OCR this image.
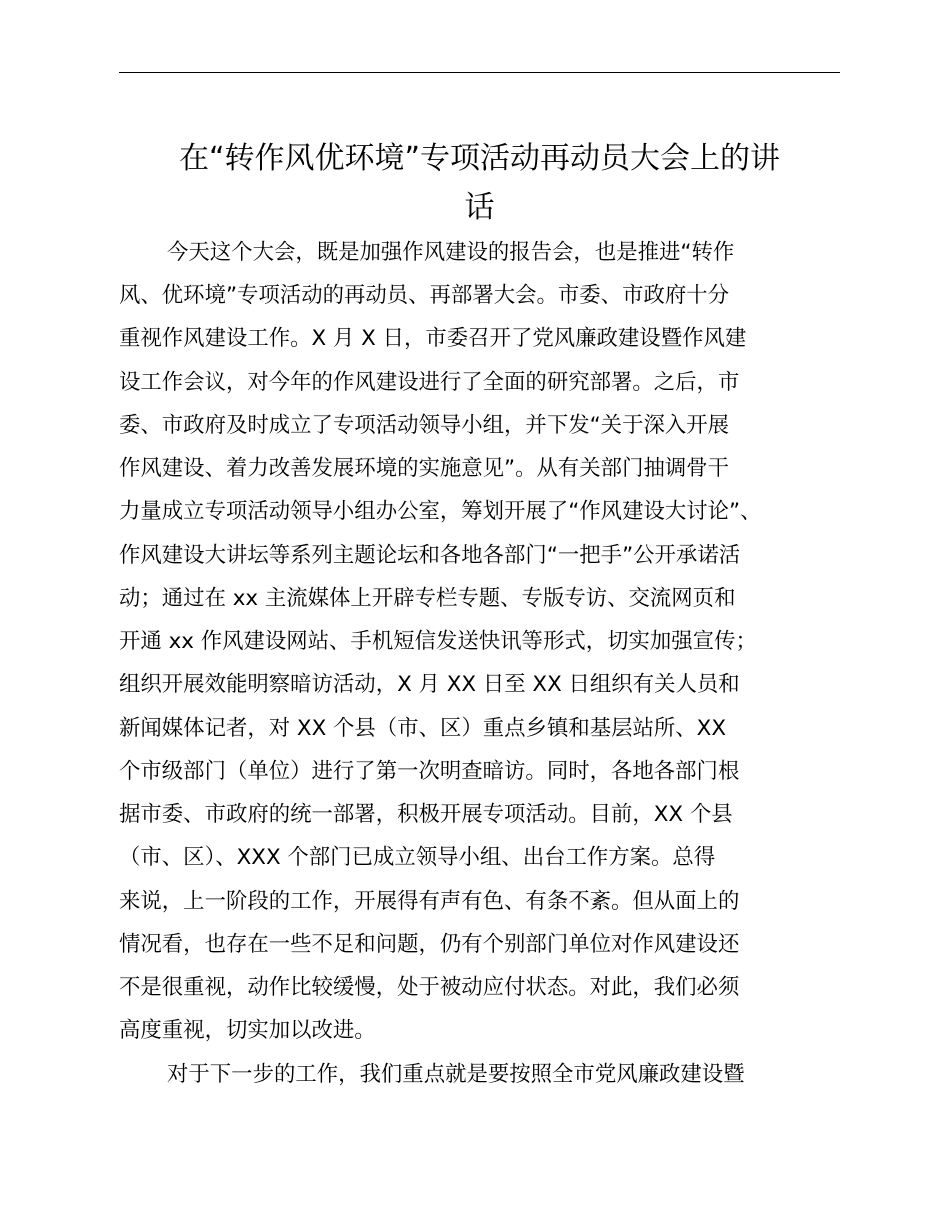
在“转作风优环境”专项活动再动员大会上的讲
话
今天这个大会，既是加强作风建设的报告会，也是推进“转作
风、优环境”专项活动的再动员、再部署大会。市委、市政府十分
重视作风建设工作。X 月 X 日，市委召开了党风廉政建设暨作风建
设工作会议，对今年的作风建设进行了全面的研究部署。之后，市
委、市政府及时成立了专项活动领导小组，并下发“关于深入开展
作风建设、着力改善发展环境的实施意见”。从有关部门抽调骨干
力量成立专项活动领导小组办公室，筹划开展了“作风建设大讨论”、
作风建设大讲坛等系列主题论坛和各地各部门“一把手”公开承诺活
动；通过在 xx 主流媒体上开辟专栏专题、专版专访、交流网页和
开通 xx 作风建设网站、手机短信发送快讯等形式，切实加强宣传；
组织开展效能明察暗访活动，X 月 XX 日至 XX 日组织有关人员和
新闻媒体记者，对 XX 个县（市、区）重点乡镇和基层站所、XX
个市级部门（单位）进行了第一次明查暗访。同时，各地各部门根
据市委、市政府的统一部署，积极开展专项活动。目前，XX 个县
（市、区）、XXX 个部门已成立领导小组、出台工作方案。总得
来说，上一阶段的工作，开展得有声有色、有条不紊。但从面上的
情况看，也存在一些不足和问题，仍有个别部门单位对作风建设还
不是很重视，动作比较缓慢，处于被动应付状态。对此，我们必须
高度重视，切实加以改进。
对于下一步的工作，我们重点就是要按照全市党风廉政建设暨
